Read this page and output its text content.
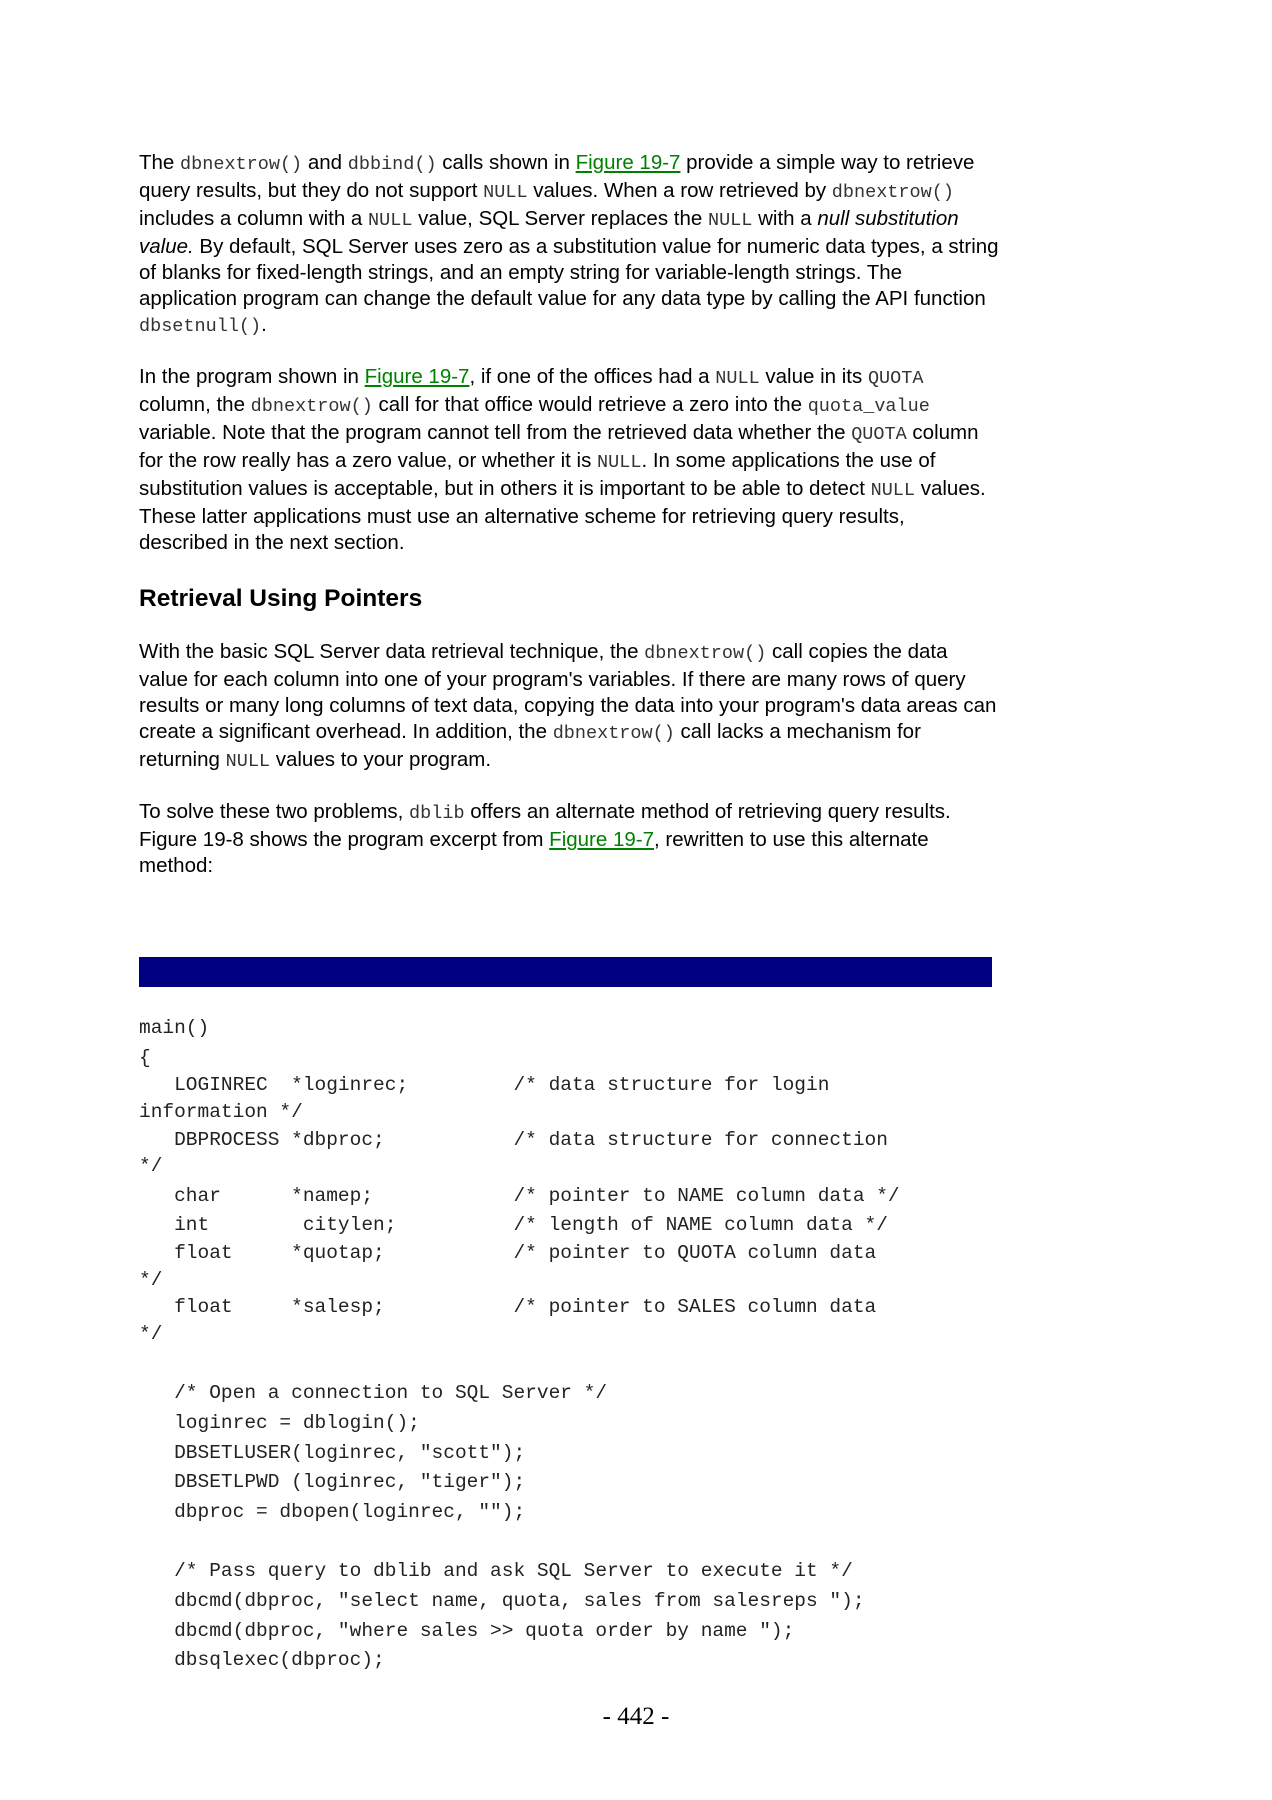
The dbnextrow() and dbbind() calls shown in Figure 19-7 provide a simple way to retrieve query results, but they do not support NULL values. When a row retrieved by dbnextrow() includes a column with a NULL value, SQL Server replaces the NULL with a null substitution value. By default, SQL Server uses zero as a substitution value for numeric data types, a string of blanks for fixed-length strings, and an empty string for variable-length strings. The application program can change the default value for any data type by calling the API function dbsetnull().

In the program shown in Figure 19-7, if one of the offices had a NULL value in its QUOTA column, the dbnextrow() call for that office would retrieve a zero into the quota_value variable. Note that the program cannot tell from the retrieved data whether the QUOTA column for the row really has a zero value, or whether it is NULL. In some applications the use of substitution values is acceptable, but in others it is important to be able to detect NULL values. These latter applications must use an alternative scheme for retrieving query results, described in the next section.

Retrieval Using Pointers

With the basic SQL Server data retrieval technique, the dbnextrow() call copies the data value for each column into one of your program's variables. If there are many rows of query results or many long columns of text data, copying the data into your program's data areas can create a significant overhead. In addition, the dbnextrow() call lacks a mechanism for returning NULL values to your program.

To solve these two problems, dblib offers an alternate method of retrieving query results. Figure 19-8 shows the program excerpt from Figure 19-7, rewritten to use this alternate method:

main()
{
LOGINREC  *loginrec;         /* data structure for login
information */
DBPROCESS *dbproc;           /* data structure for connection
*/
char      *namep;            /* pointer to NAME column data */
int        citylen;          /* length of NAME column data */
float     *quotap;           /* pointer to QUOTA column data
*/
float     *salesp;           /* pointer to SALES column data
*/
/* Open a connection to SQL Server */
loginrec = dblogin();
DBSETLUSER(loginrec, "scott");
DBSETLPWD (loginrec, "tiger");
dbproc = dbopen(loginrec, "");
/* Pass query to dblib and ask SQL Server to execute it */
dbcmd(dbproc, "select name, quota, sales from salesreps ");
dbcmd(dbproc, "where sales >> quota order by name ");
dbsqlexec(dbproc);
- 442 -
